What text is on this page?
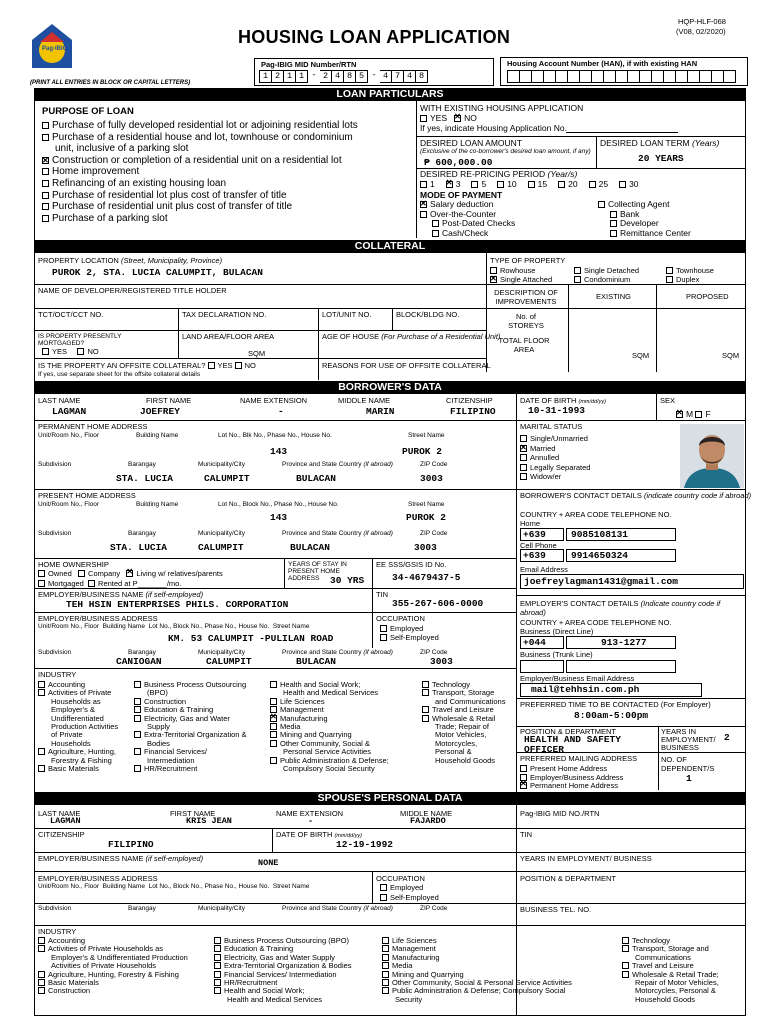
Pag-IBIG
HOUSING LOAN APPLICATION
HQP-HLF-068
(V08, 02/2020)
(PRINT ALL ENTRIES IN BLOCK OR CAPITAL LETTERS)
Pag-IBIG MID Number/RTN
1 2 1 1 - 2 4 8 5 - 4 7 4 8
Housing Account Number (HAN), if with existing HAN
LOAN PARTICULARS
PURPOSE OF LOAN
Purchase of fully developed residential lot or adjoining residential lots
Purchase of a residential house and lot, townhouse or condominium
unit, inclusive of a parking slot
✕Construction or completion of a residential unit on a residential lot
Home improvement
Refinancing of an existing housing loan
Purchase of residential lot plus cost of transfer of title
Purchase of residential unit plus cost of transfer of title
Purchase of a parking slot
WITH EXISTING HOUSING APPLICATION
YES ✕ NO
If yes, indicate Housing Application No.
DESIRED LOAN AMOUNT
(Exclusive of the co-borrower's desired loan amount, if any)
₱ 600,000.00
DESIRED LOAN TERM (Years)
20 YEARS
DESIRED RE-PRICING PERIOD (Year/s)
1 ✕ 3 5 10 15 20 25 30
MODE OF PAYMENT
✕Salary deduction
Over-the-Counter
Post-Dated Checks
Cash/Check
Collecting Agent
Bank
Developer
Remittance Center
COLLATERAL
PROPERTY LOCATION (Street, Municipality, Province)
PUROK 2, STA. LUCIA CALUMPIT, BULACAN
TYPE OF PROPERTY
Rowhouse	Single Detached	Townhouse
✕Single Attached	Condominium	Duplex
NAME OF DEVELOPER/REGISTERED TITLE HOLDER	DESCRIPTION OF IMPROVEMENTS
EXISTING	PROPOSED
TCT/OCT/CCT NO.	TAX DECLARATION NO.	LOT/UNIT NO.	BLOCK/BLDG NO.	No. of STOREYS
IS PROPERTY PRESENTLY MORTGAGED?
YES	NO
LAND AREA/FLOOR AREA
SQM
AGE OF HOUSE (For Purchase of a Residential Unit)
TOTAL FLOOR AREA
SQM	SQM
IS THE PROPERTY AN OFFSITE COLLATERAL? YES NO
If yes, use separate sheet for the offsite collateral details
REASONS FOR USE OF OFFSITE COLLATERAL
BORROWER'S DATA
LAST NAME	FIRST NAME	NAME EXTENSION	MIDDLE NAME	CITIZENSHIP
LAGMAN	JOEFREY	-	MARIN	FILIPINO
DATE OF BIRTH (mm/dd/yy)
10-31-1993
SEX
✕M F
PERMANENT HOME ADDRESS
Unit/Room No., Floor	Building Name	Lot No., Blk No., Phase No., House No.	Street Name
143	PUROK 2
Subdivision	Barangay	Municipality/City	Province and State Country (if abroad)	ZIP Code
STA. LUCIA	CALUMPIT	BULACAN	3003
PRESENT HOME ADDRESS
Unit/Room No., Floor	Building Name	Lot No., Block No., Phase No., House No.	Street Name
143	PUROK 2
Subdivision	Barangay	Municipality/City	Province and State Country (if abroad)	ZIP Code
STA. LUCIA	CALUMPIT	BULACAN	3003
MARITAL STATUS
Single/Unmarried
✕Married
Annulled
Legally Separated
Widow/er
BORROWER'S CONTACT DETAILS (indicate country code if abroad)
COUNTRY + AREA CODE TELEPHONE NO.
Home
+639	9085108131
Cell Phone
+639	9914650324
Email Address
joefreylagman1431@gmail.com
HOME OWNERSHIP
Owned Company ✕ Living w/ relatives/parents
Mortgaged Rented at P_______/mo.
YEARS OF STAY IN PRESENT HOME ADDRESS	30 YRS
EE SSS/GSIS ID No.
34-4679437-5
EMPLOYER/BUSINESS NAME (if self-employed)
TEH HSIN ENTERPRISES PHILS. CORPORATION
TIN
355-267-606-0000
EMPLOYER/BUSINESS ADDRESS
Unit/Room No., Floor Building Name Lot No., Block No., Phase No., House No. Street Name
KM. 53 CALUMPIT -PULILAN ROAD
OCCUPATION
Employed
Self-Employed
Subdivision	Barangay	Municipality/City	Province and State Country (if abroad)	ZIP Code
CANIOGAN	CALUMPIT	BULACAN	3003
INDUSTRY
Accounting
Activities of Private
Households as
Employer's &
Undifferentiated
Production Activities
of Private
Households
Agriculture, Hunting,
Forestry & Fishing
Basic Materials
Business Process Outsourcing
(BPO)
Construction
Education & Training
Electricity, Gas and Water
Supply
Extra-Territorial Organization &
Bodies
Financial Services/
Intermediation
HR/Recruitment
Health and Social Work;
Health and Medical Services
Life Sciences
Management
✕Manufacturing
Media
Mining and Quarrying
Other Community, Social &
Personal Service Activities
Public Administration & Defense;
Compulsory Social Security
Technology
Transport, Storage
and Communications
Travel and Leisure
Wholesale & Retail
Trade; Repair of
Motor Vehicles,
Motorcycles,
Personal &
Household Goods
EMPLOYER'S CONTACT DETAILS (Indicate country code if abroad)
COUNTRY + AREA CODE TELEPHONE NO.
Business (Direct Line)
+044	913-1277
Business (Trunk Line)
Employer/Business Email Address
mail@tehhsin.com.ph
PREFERRED TIME TO BE CONTACTED (For Employer)
8:00am-5:00pm
POSITION & DEPARTMENT
HEALTH AND SAFETY OFFICER
YEARS IN EMPLOYMENT/ BUSINESS
2
PREFERRED MAILING ADDRESS
Present Home Address
Employer/Business Address
✕Permanent Home Address
NO. OF DEPENDENT/S
1
SPOUSE'S PERSONAL DATA
LAST NAME	FIRST NAME	NAME EXTENSION	MIDDLE NAME
LAGMAN	KRIS JEAN	-	FAJARDO
Pag-IBIG MID NO./RTN
CITIZENSHIP
FILIPINO
DATE OF BIRTH (mm/dd/yy)
12-19-1992
TIN
EMPLOYER/BUSINESS NAME (if self-employed)	NONE	YEARS IN EMPLOYMENT/ BUSINESS
EMPLOYER/BUSINESS ADDRESS
Unit/Room No., Floor Building Name Lot No., Block No., Phase No., House No. Street Name
OCCUPATION
Employed
Self-Employed
POSITION & DEPARTMENT
Subdivision	Barangay	Municipality/City	Province and State Country (if abroad)	ZIP Code	BUSINESS TEL. NO.
INDUSTRY
Accounting
Activities of Private Households as
Employer's & Undifferentiated Production
Activities of Private Households
Agriculture, Hunting, Forestry & Fishing
Basic Materials
Construction
Business Process Outsourcing (BPO)
Education & Training
Electricity, Gas and Water Supply
Extra-Territorial Organization & Bodies
Financial Services/ Intermediation
HR/Recruitment
Health and Social Work;
Health and Medical Services
Life Sciences
Management
Manufacturing
Media
Mining and Quarrying
Other Community, Social & Personal Service Activities
Public Administration & Defense; Compulsory Social
Security
Technology
Transport, Storage and
Communications
Travel and Leisure
Wholesale & Retail Trade;
Repair of Motor Vehicles,
Motorcycles, Personal &
Household Goods
